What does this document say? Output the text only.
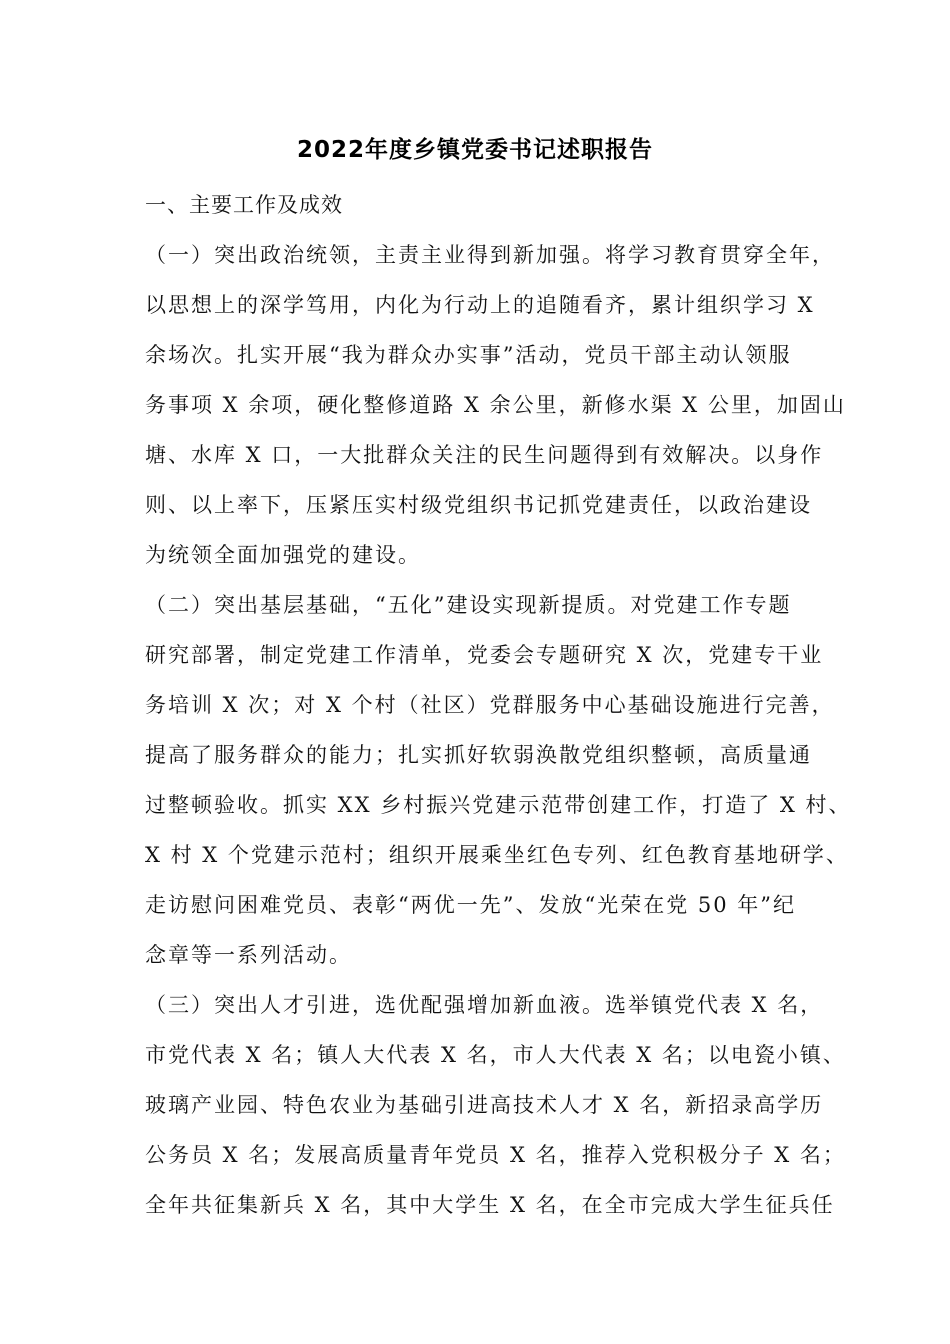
2022年度乡镇党委书记述职报告
一、主要工作及成效
（一）突出政治统领，主责主业得到新加强。将学习教育贯穿全年，
以思想上的深学笃用，内化为行动上的追随看齐，累计组织学习 X
余场次。扎实开展“我为群众办实事”活动，党员干部主动认领服
务事项 X 余项，硬化整修道路 X 余公里，新修水渠 X 公里，加固山
塘、水库 X 口，一大批群众关注的民生问题得到有效解决。以身作
则、以上率下，压紧压实村级党组织书记抓党建责任，以政治建设
为统领全面加强党的建设。
（二）突出基层基础，“五化”建设实现新提质。对党建工作专题
研究部署，制定党建工作清单，党委会专题研究 X 次，党建专干业
务培训 X 次；对 X 个村（社区）党群服务中心基础设施进行完善，
提高了服务群众的能力；扎实抓好软弱涣散党组织整顿，高质量通
过整顿验收。抓实 XX 乡村振兴党建示范带创建工作，打造了 X 村、
X 村 X 个党建示范村；组织开展乘坐红色专列、红色教育基地研学、
走访慰问困难党员、表彰“两优一先”、发放“光荣在党 50 年”纪
念章等一系列活动。
（三）突出人才引进，选优配强增加新血液。选举镇党代表 X 名，
市党代表 X 名；镇人大代表 X 名，市人大代表 X 名；以电瓷小镇、
玻璃产业园、特色农业为基础引进高技术人才 X 名，新招录高学历
公务员 X 名；发展高质量青年党员 X 名，推荐入党积极分子 X 名；
全年共征集新兵 X 名，其中大学生 X 名，在全市完成大学生征兵任
